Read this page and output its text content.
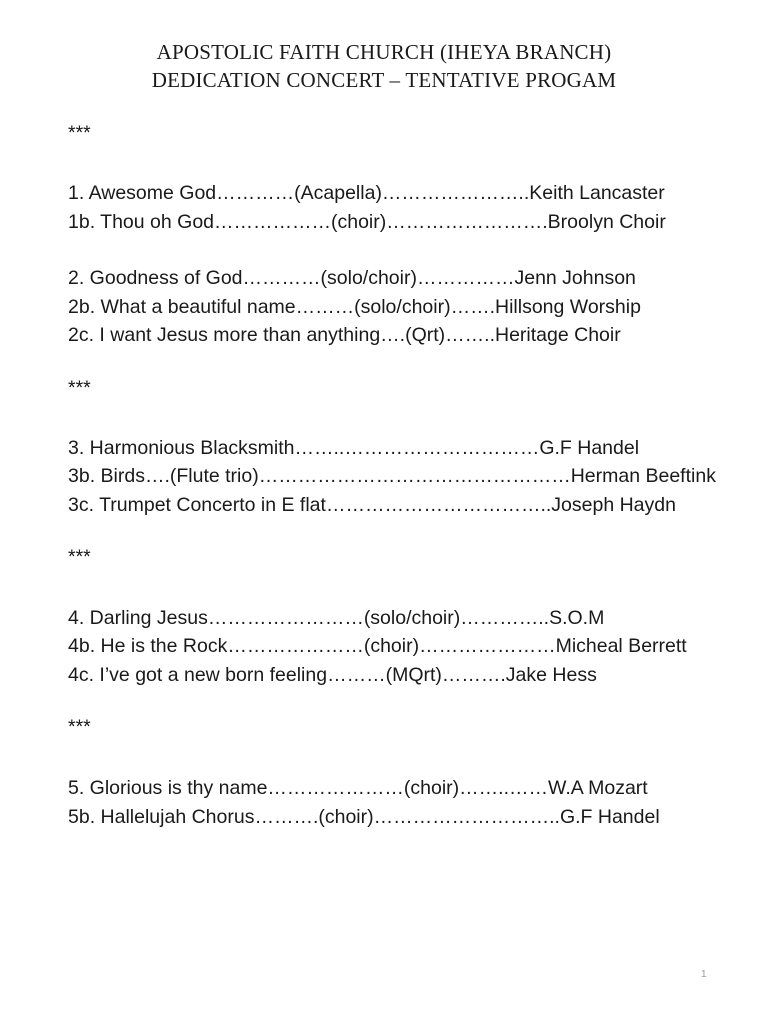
APOSTOLIC FAITH CHURCH (IHEYA BRANCH)
DEDICATION CONCERT – TENTATIVE PROGAM
***
1. Awesome God…………(Acapella)…………………..Keith Lancaster
1b. Thou oh God………………(choir)…………………….Broolyn Choir
2. Goodness of God…………(solo/choir)……………Jenn Johnson
2b. What a beautiful name………(solo/choir)…….Hillsong Worship
2c. I want Jesus more than anything….(Qrt)……..Heritage Choir
***
3. Harmonious Blacksmith……..…………………………G.F Handel
3b. Birds….(Flute trio)…………………………………………Herman Beeftink
3c. Trumpet Concerto in E flat……………………………..Joseph Haydn
***
4. Darling Jesus……………………(solo/choir)…………..S.O.M
4b. He is the Rock…………………(choir)…………………Micheal Berrett
4c. I’ve got a new born feeling………(MQrt)……….Jake Hess
***
5. Glorious is thy name…………………(choir)……..……W.A Mozart
5b. Hallelujah Chorus……….(choir)………………………..G.F Handel
1
